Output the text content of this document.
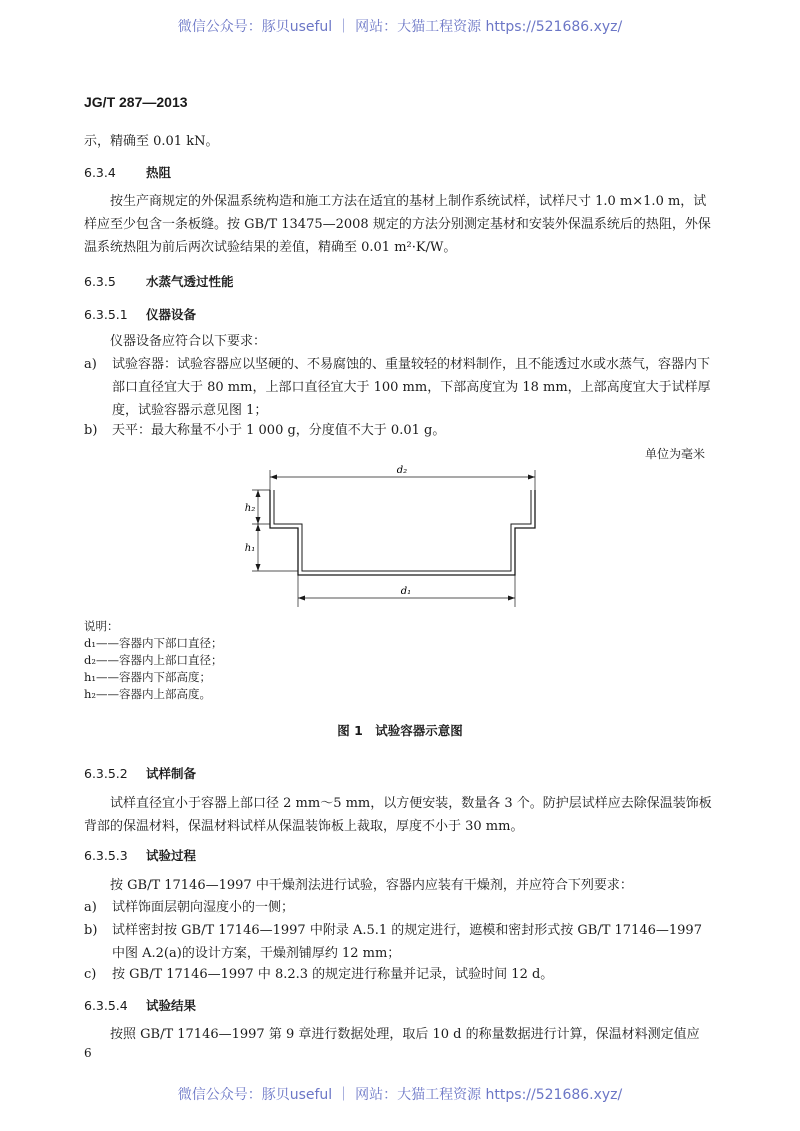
微信公众号：豚贝useful ｜ 网站：大猫工程资源 https://521686.xyz/
JG/T 287—2013
示，精确至 0.01 kN。
6.3.4 热阻
按生产商规定的外保温系统构造和施工方法在适宜的基材上制作系统试样，试样尺寸 1.0 m×1.0 m，试样应至少包含一条板缝。按 GB/T 13475—2008 规定的方法分别测定基材和安装外保温系统后的热阻，外保温系统热阻为前后两次试验结果的差值，精确至 0.01 m²·K/W。
6.3.5 水蒸气透过性能
6.3.5.1 仪器设备
仪器设备应符合以下要求：
a) 试验容器：试验容器应以坚硬的、不易腐蚀的、重量较轻的材料制作，且不能透过水或水蒸气，容器内下部口直径宜大于 80 mm，上部口直径宜大于 100 mm，下部高度宜为 18 mm，上部高度宜大于试样厚度，试验容器示意见图 1；
b) 天平：最大称量不小于 1 000 g，分度值不大于 0.01 g。
单位为毫米
d₂
d₁
h₂
h₁
说明：
d₁——容器内下部口直径；
d₂——容器内上部口直径；
h₁——容器内下部高度；
h₂——容器内上部高度。
图 1　试验容器示意图
6.3.5.2 试样制备
试样直径宜小于容器上部口径 2 mm～5 mm，以方便安装，数量各 3 个。防护层试样应去除保温装饰板背部的保温材料，保温材料试样从保温装饰板上裁取，厚度不小于 30 mm。
6.3.5.3 试验过程
按 GB/T 17146—1997 中干燥剂法进行试验，容器内应装有干燥剂，并应符合下列要求：
a) 试样饰面层朝向湿度小的一侧；
b) 试样密封按 GB/T 17146—1997 中附录 A.5.1 的规定进行，遮模和密封形式按 GB/T 17146—1997 中图 A.2(a)的设计方案，干燥剂铺厚约 12 mm；
c) 按 GB/T 17146—1997 中 8.2.3 的规定进行称量并记录，试验时间 12 d。
6.3.5.4 试验结果
按照 GB/T 17146—1997 第 9 章进行数据处理，取后 10 d 的称量数据进行计算，保温材料测定值应
6
微信公众号：豚贝useful ｜ 网站：大猫工程资源 https://521686.xyz/
